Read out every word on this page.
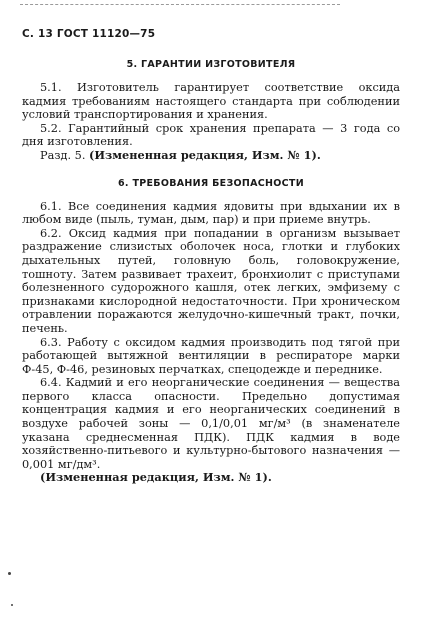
С. 13 ГОСТ 11120—75
5. ГАРАНТИИ ИЗГОТОВИТЕЛЯ

5.1. Изготовитель гарантирует соответствие оксида кадмия требованиям настоящего стандарта при соблюдении условий транспортирования и хранения.

5.2. Гарантийный срок хранения препарата — 3 года со дня изготовления.

Разд. 5. (Измененная редакция, Изм. № 1).

6. ТРЕБОВАНИЯ БЕЗОПАСНОСТИ

6.1. Все соединения кадмия ядовиты при вдыхании их в любом виде (пыль, туман, дым, пар) и при приеме внутрь.

6.2. Оксид кадмия при попадании в организм вызывает раздражение слизистых оболочек носа, глотки и глубоких дыхательных путей, головную боль, головокружение, тошноту. Затем развивает трахеит, бронхиолит с приступами болезненного судорожного кашля, отек легких, эмфизему с признаками кислородной недостаточности. При хроническом отравлении поражаются желудочно-кишечный тракт, почки, печень.

6.3. Работу с оксидом кадмия производить под тягой при работающей вытяжной вентиляции в респираторе марки Ф-45, Ф-46, резиновых перчатках, спецодежде и переднике.

6.4. Кадмий и его неорганические соединения — вещества первого класса опасности. Предельно допустимая концентрация кадмия и его неорганических соединений в воздухе рабочей зоны — 0,1/0,01 мг/м³ (в знаменателе указана среднесменная ПДК). ПДК кадмия в воде хозяйственно-питьевого и культурно-бытового назначения — 0,001 мг/дм³.

(Измененная редакция, Изм. № 1).
